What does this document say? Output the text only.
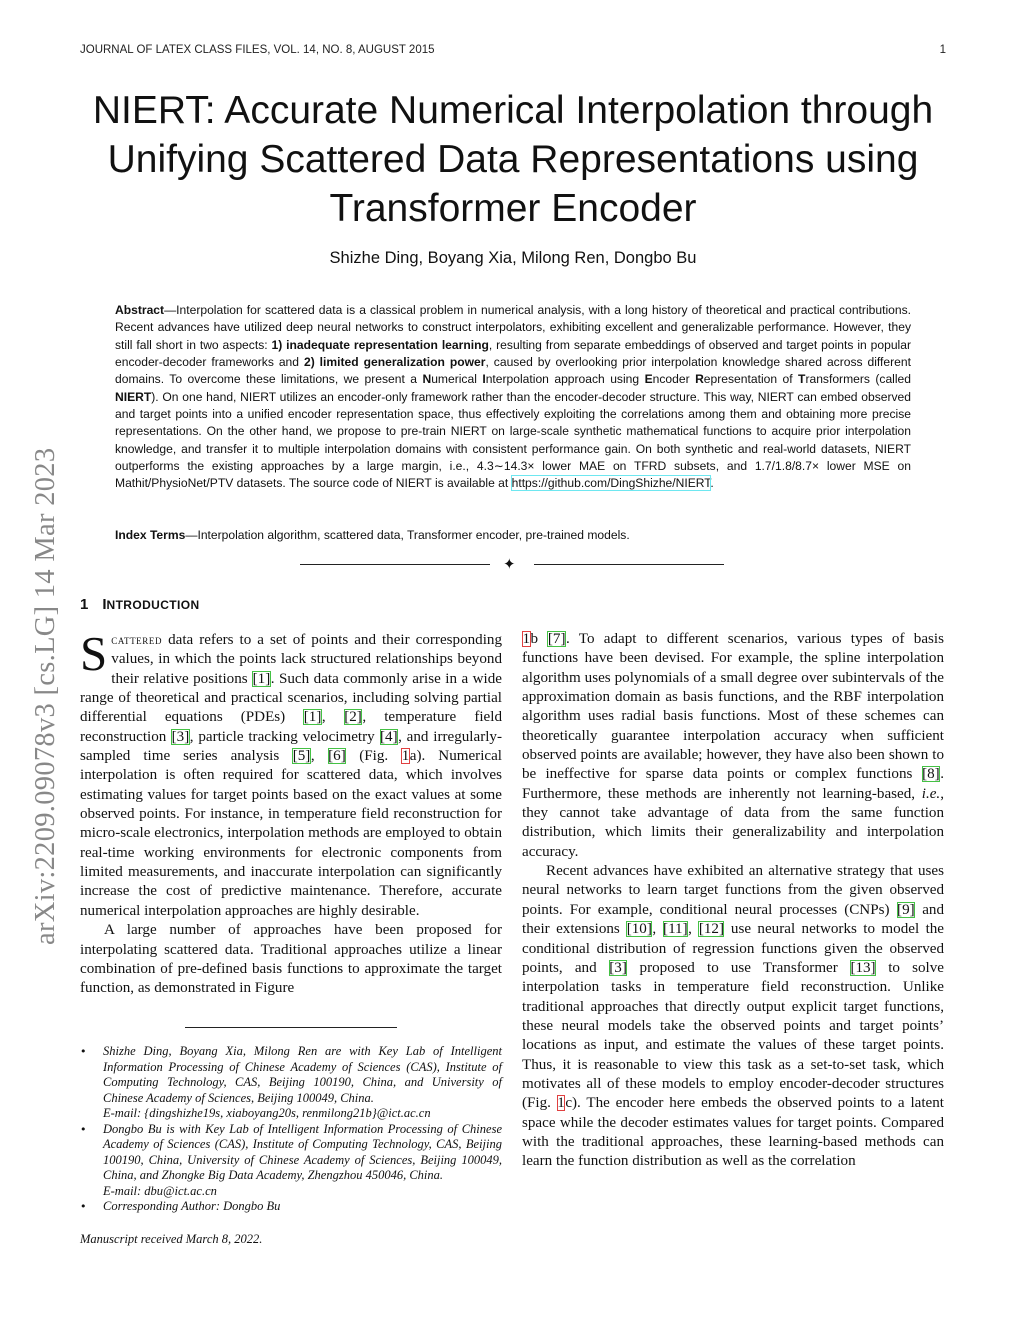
JOURNAL OF LATEX CLASS FILES, VOL. 14, NO. 8, AUGUST 2015	1
NIERT: Accurate Numerical Interpolation through Unifying Scattered Data Representations using Transformer Encoder
Shizhe Ding, Boyang Xia, Milong Ren, Dongbo Bu
Abstract—Interpolation for scattered data is a classical problem in numerical analysis, with a long history of theoretical and practical contributions. Recent advances have utilized deep neural networks to construct interpolators, exhibiting excellent and generalizable performance. However, they still fall short in two aspects: 1) inadequate representation learning, resulting from separate embeddings of observed and target points in popular encoder-decoder frameworks and 2) limited generalization power, caused by overlooking prior interpolation knowledge shared across different domains. To overcome these limitations, we present a Numerical Interpolation approach using Encoder Representation of Transformers (called NIERT). On one hand, NIERT utilizes an encoder-only framework rather than the encoder-decoder structure. This way, NIERT can embed observed and target points into a unified encoder representation space, thus effectively exploiting the correlations among them and obtaining more precise representations. On the other hand, we propose to pre-train NIERT on large-scale synthetic mathematical functions to acquire prior interpolation knowledge, and transfer it to multiple interpolation domains with consistent performance gain. On both synthetic and real-world datasets, NIERT outperforms the existing approaches by a large margin, i.e., 4.3∼14.3× lower MAE on TFRD subsets, and 1.7/1.8/8.7× lower MSE on Mathit/PhysioNet/PTV datasets. The source code of NIERT is available at https://github.com/DingShizhe/NIERT.
Index Terms—Interpolation algorithm, scattered data, Transformer encoder, pre-trained models.
✦
1 INTRODUCTION

Scattered data refers to a set of points and their corresponding values, in which the points lack structured relationships beyond their relative positions [1]. Such data commonly arise in a wide range of theoretical and practical scenarios, including solving partial differential equations (PDEs) [1], [2], temperature field reconstruction [3], particle tracking velocimetry [4], and irregularly-sampled time series analysis [5], [6] (Fig. 1a). Numerical interpolation is often required for scattered data, which involves estimating values for target points based on the exact values at some observed points. For instance, in temperature field reconstruction for micro-scale electronics, interpolation methods are employed to obtain real-time working environments for electronic components from limited measurements, and inaccurate interpolation can significantly increase the cost of predictive maintenance. Therefore, accurate numerical interpolation approaches are highly desirable.

A large number of approaches have been proposed for interpolating scattered data. Traditional approaches utilize a linear combination of pre-defined basis functions to approximate the target function, as demonstrated in Figure

1b [7]. To adapt to different scenarios, various types of basis functions have been devised. For example, the spline interpolation algorithm uses polynomials of a small degree over subintervals of the approximation domain as basis functions, and the RBF interpolation algorithm uses radial basis functions. Most of these schemes can theoretically guarantee interpolation accuracy when sufficient observed points are available; however, they have also been shown to be ineffective for sparse data points or complex functions [8]. Furthermore, these methods are inherently not learning-based, i.e., they cannot take advantage of data from the same function distribution, which limits their generalizability and interpolation accuracy.

Recent advances have exhibited an alternative strategy that uses neural networks to learn target functions from the given observed points. For example, conditional neural processes (CNPs) [9] and their extensions [10], [11], [12] use neural networks to model the conditional distribution of regression functions given the observed points, and [3] proposed to use Transformer [13] to solve interpolation tasks in temperature field reconstruction. Unlike traditional approaches that directly output explicit target functions, these neural models take the observed points and target points’ locations as input, and estimate the values of these target points. Thus, it is reasonable to view this task as a set-to-set task, which motivates all of these models to employ encoder-decoder structures (Fig. 1c). The encoder here embeds the observed points to a latent space while the decoder estimates values for target points. Compared with the traditional approaches, these learning-based methods can learn the function distribution as well as the correlation

• Shizhe Ding, Boyang Xia, Milong Ren are with Key Lab of Intelligent Information Processing of Chinese Academy of Sciences (CAS), Institute of Computing Technology, CAS, Beijing 100190, China, and University of Chinese Academy of Sciences, Beijing 100049, China.
E-mail: {dingshizhe19s, xiaboyang20s, renmilong21b}@ict.ac.cn
• Dongbo Bu is with Key Lab of Intelligent Information Processing of Chinese Academy of Sciences (CAS), Institute of Computing Technology, CAS, Beijing 100190, China, University of Chinese Academy of Sciences, Beijing 100049, China, and Zhongke Big Data Academy, Zhengzhou 450046, China.
E-mail: dbu@ict.ac.cn
• Corresponding Author: Dongbo Bu
Manuscript received March 8, 2022.
arXiv:2209.09078v3 [cs.LG] 14 Mar 2023
